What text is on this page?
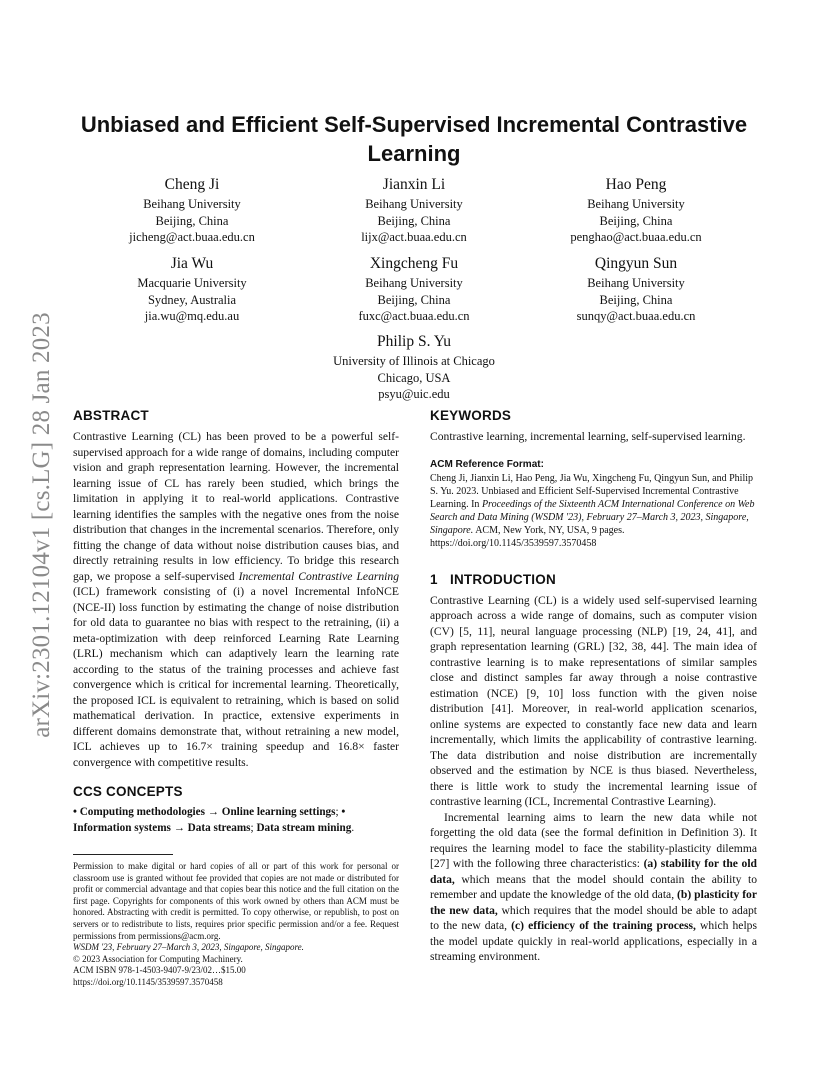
arXiv:2301.12104v1 [cs.LG] 28 Jan 2023
Unbiased and Efficient Self-Supervised Incremental Contrastive Learning
Cheng Ji
Beihang University
Beijing, China
jicheng@act.buaa.edu.cn
Jianxin Li
Beihang University
Beijing, China
lijx@act.buaa.edu.cn
Hao Peng
Beihang University
Beijing, China
penghao@act.buaa.edu.cn
Jia Wu
Macquarie University
Sydney, Australia
jia.wu@mq.edu.au
Xingcheng Fu
Beihang University
Beijing, China
fuxc@act.buaa.edu.cn
Qingyun Sun
Beihang University
Beijing, China
sunqy@act.buaa.edu.cn
Philip S. Yu
University of Illinois at Chicago
Chicago, USA
psyu@uic.edu
ABSTRACT

Contrastive Learning (CL) has been proved to be a powerful self-supervised approach for a wide range of domains, including computer vision and graph representation learning. However, the incremental learning issue of CL has rarely been studied, which brings the limitation in applying it to real-world applications. Contrastive learning identifies the samples with the negative ones from the noise distribution that changes in the incremental scenarios. Therefore, only fitting the change of data without noise distribution causes bias, and directly retraining results in low efficiency. To bridge this research gap, we propose a self-supervised Incremental Contrastive Learning (ICL) framework consisting of (i) a novel Incremental InfoNCE (NCE-II) loss function by estimating the change of noise distribution for old data to guarantee no bias with respect to the retraining, (ii) a meta-optimization with deep reinforced Learning Rate Learning (LRL) mechanism which can adaptively learn the learning rate according to the status of the training processes and achieve fast convergence which is critical for incremental learning. Theoretically, the proposed ICL is equivalent to retraining, which is based on solid mathematical derivation. In practice, extensive experiments in different domains demonstrate that, without retraining a new model, ICL achieves up to 16.7× training speedup and 16.8× faster convergence with competitive results.

CCS CONCEPTS

• Computing methodologies → Online learning settings; • Information systems → Data streams; Data stream mining.

Permission to make digital or hard copies of all or part of this work for personal or classroom use is granted without fee provided that copies are not made or distributed for profit or commercial advantage and that copies bear this notice and the full citation on the first page. Copyrights for components of this work owned by others than ACM must be honored. Abstracting with credit is permitted. To copy otherwise, or republish, to post on servers or to redistribute to lists, requires prior specific permission and/or a fee. Request permissions from permissions@acm.org.

WSDM '23, February 27–March 3, 2023, Singapore, Singapore.

© 2023 Association for Computing Machinery.

ACM ISBN 978-1-4503-9407-9/23/02…$15.00

https://doi.org/10.1145/3539597.3570458

KEYWORDS

Contrastive learning, incremental learning, self-supervised learning.

ACM Reference Format:

Cheng Ji, Jianxin Li, Hao Peng, Jia Wu, Xingcheng Fu, Qingyun Sun, and Philip S. Yu. 2023. Unbiased and Efficient Self-Supervised Incremental Contrastive Learning. In Proceedings of the Sixteenth ACM International Conference on Web Search and Data Mining (WSDM '23), February 27–March 3, 2023, Singapore, Singapore. ACM, New York, NY, USA, 9 pages. https://doi.org/10.1145/3539597.3570458

1 INTRODUCTION

Contrastive Learning (CL) is a widely used self-supervised learning approach across a wide range of domains, such as computer vision (CV) [5, 11], neural language processing (NLP) [19, 24, 41], and graph representation learning (GRL) [32, 38, 44]. The main idea of contrastive learning is to make representations of similar samples close and distinct samples far away through a noise contrastive estimation (NCE) [9, 10] loss function with the given noise distribution [41]. Moreover, in real-world application scenarios, online systems are expected to constantly face new data and learn incrementally, which limits the applicability of contrastive learning. The data distribution and noise distribution are incrementally observed and the estimation by NCE is thus biased. Nevertheless, there is little work to study the incremental learning issue of contrastive learning (ICL, Incremental Contrastive Learning).

Incremental learning aims to learn the new data while not forgetting the old data (see the formal definition in Definition 3). It requires the learning model to face the stability-plasticity dilemma [27] with the following three characteristics: (a) stability for the old data, which means that the model should contain the ability to remember and update the knowledge of the old data, (b) plasticity for the new data, which requires that the model should be able to adapt to the new data, (c) efficiency of the training process, which helps the model update quickly in real-world applications, especially in a streaming environment.
